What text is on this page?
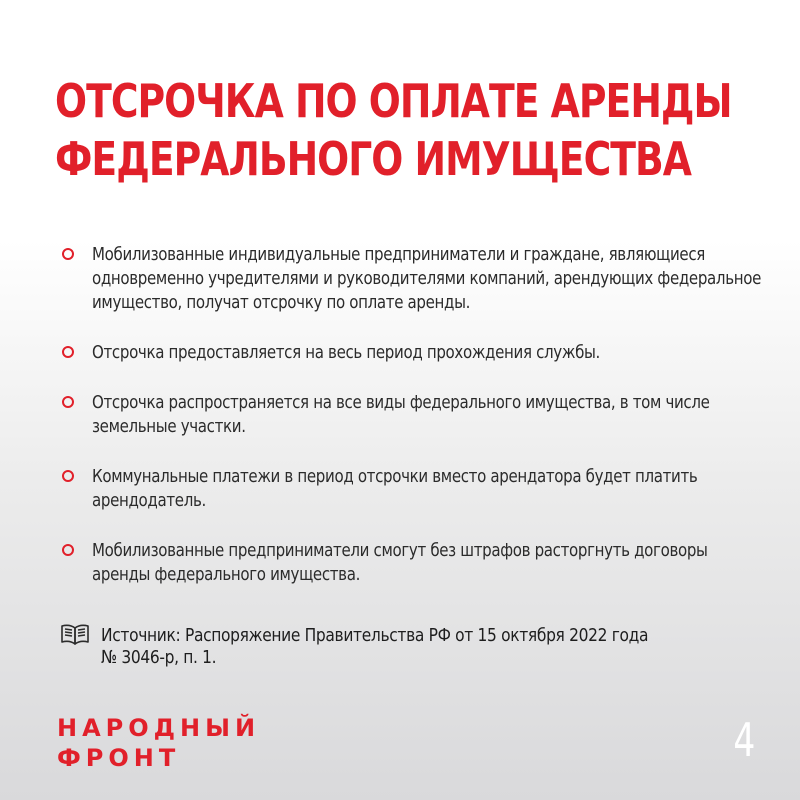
ОТСРОЧКА ПО ОПЛАТЕ АРЕНДЫ
ФЕДЕРАЛЬНОГО ИМУЩЕСТВА
Мобилизованные индивидуальные предприниматели и граждане, являющиеся одновременно учредителями и руководителями компаний, арендующих федеральное имущество, получат отсрочку по оплате аренды.
Отсрочка предоставляется на весь период прохождения службы.
Отсрочка распространяется на все виды федерального имущества, в том числе земельные участки.
Коммунальные платежи в период отсрочки вместо арендатора будет платить арендодатель.
Мобилизованные предприниматели смогут без штрафов расторгнуть договоры аренды федерального имущества.
Источник: Распоряжение Правительства РФ от 15 октября 2022 года
№ 3046-р, п. 1.
НАРОДНЫЙ
ФРОНТ	4
